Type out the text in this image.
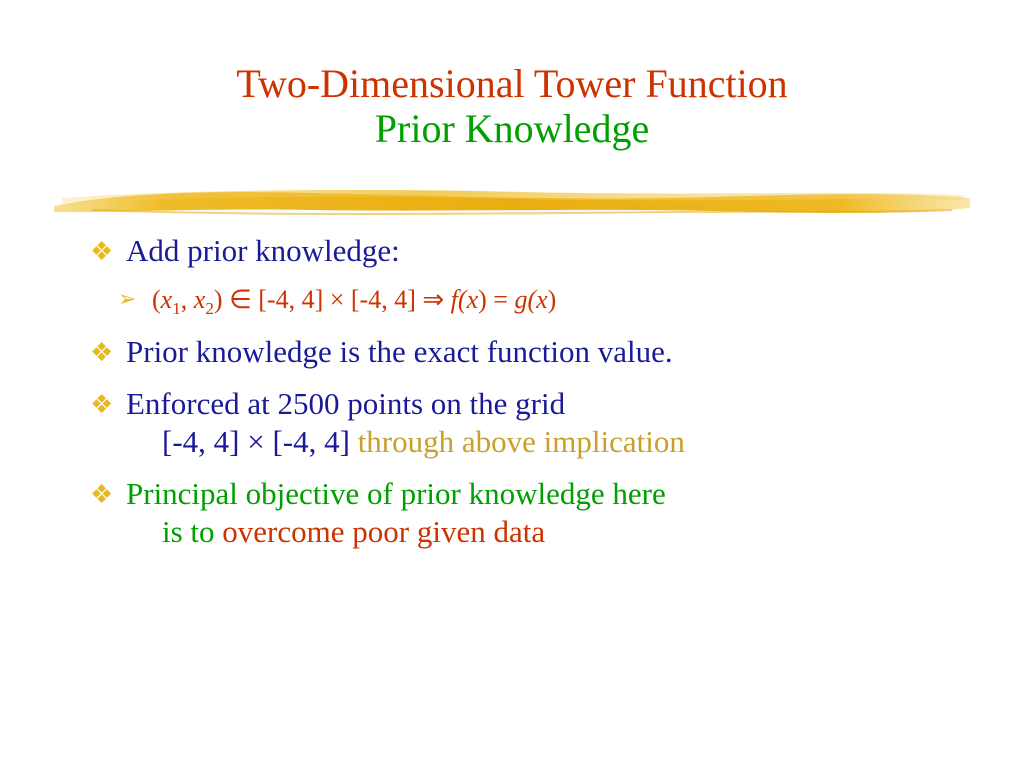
Two-Dimensional Tower Function
Prior Knowledge
❖ Add prior knowledge:
➢ ($x_1$, $x_2$) ∈ [-4, 4] × [-4, 4] ⇒ f(x) = g(x)
❖ Prior knowledge is the exact function value.
❖ Enforced at 2500 points on the grid
[-4, 4] × [-4, 4] through above implication
❖ Principal objective of prior knowledge here
is to overcome poor given data
